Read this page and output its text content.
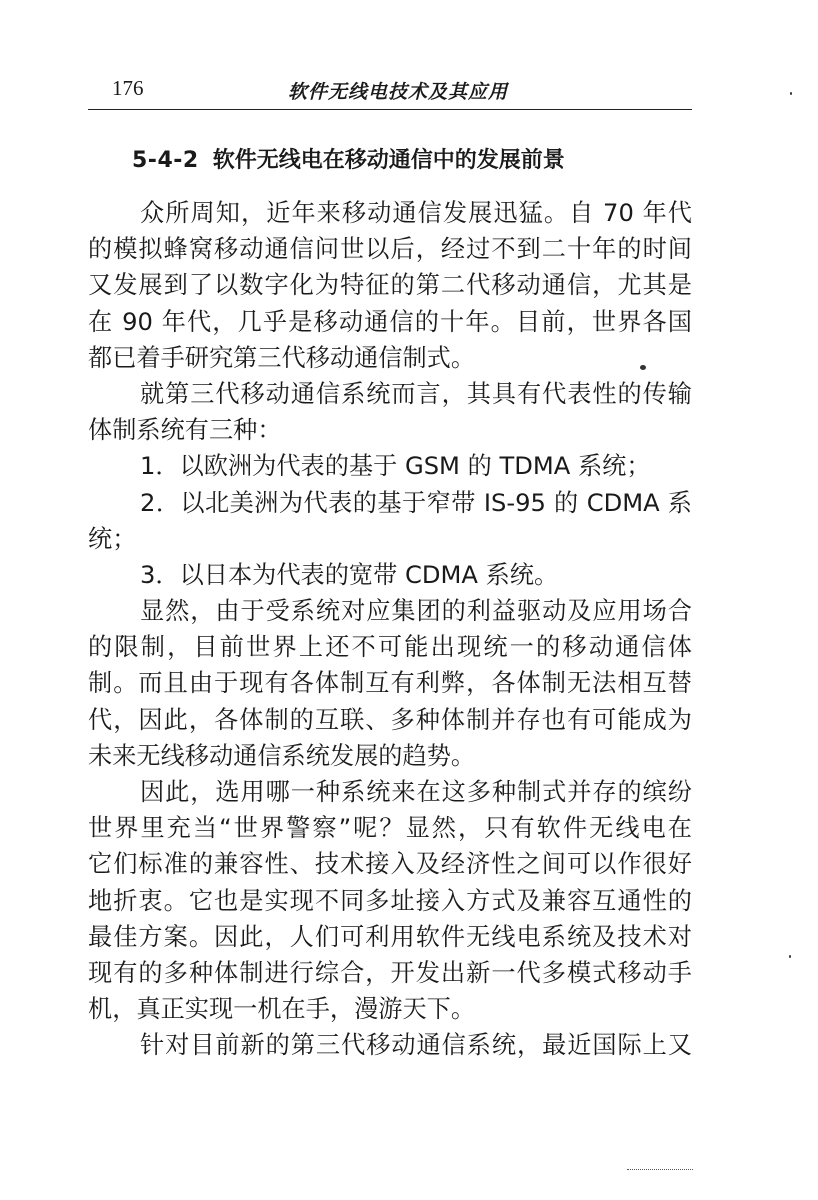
176	软件无线电技术及其应用
5-4-2 软件无线电在移动通信中的发展前景
众所周知，近年来移动通信发展迅猛。自 70 年代
的模拟蜂窝移动通信问世以后，经过不到二十年的时间
又发展到了以数字化为特征的第二代移动通信，尤其是
在 90 年代，几乎是移动通信的十年。目前，世界各国
都已着手研究第三代移动通信制式。
就第三代移动通信系统而言，其具有代表性的传输
体制系统有三种：
1．以欧洲为代表的基于 GSM 的 TDMA 系统；
2．以北美洲为代表的基于窄带 IS-95 的 CDMA 系
统；
3．以日本为代表的宽带 CDMA 系统。
显然，由于受系统对应集团的利益驱动及应用场合
的限制，目前世界上还不可能出现统一的移动通信体
制。而且由于现有各体制互有利弊，各体制无法相互替
代，因此，各体制的互联、多种体制并存也有可能成为
未来无线移动通信系统发展的趋势。
因此，选用哪一种系统来在这多种制式并存的缤纷
世界里充当“世界警察”呢？显然，只有软件无线电在
它们标准的兼容性、技术接入及经济性之间可以作很好
地折衷。它也是实现不同多址接入方式及兼容互通性的
最佳方案。因此，人们可利用软件无线电系统及技术对
现有的多种体制进行综合，开发出新一代多模式移动手
机，真正实现一机在手，漫游天下。
针对目前新的第三代移动通信系统，最近国际上又
